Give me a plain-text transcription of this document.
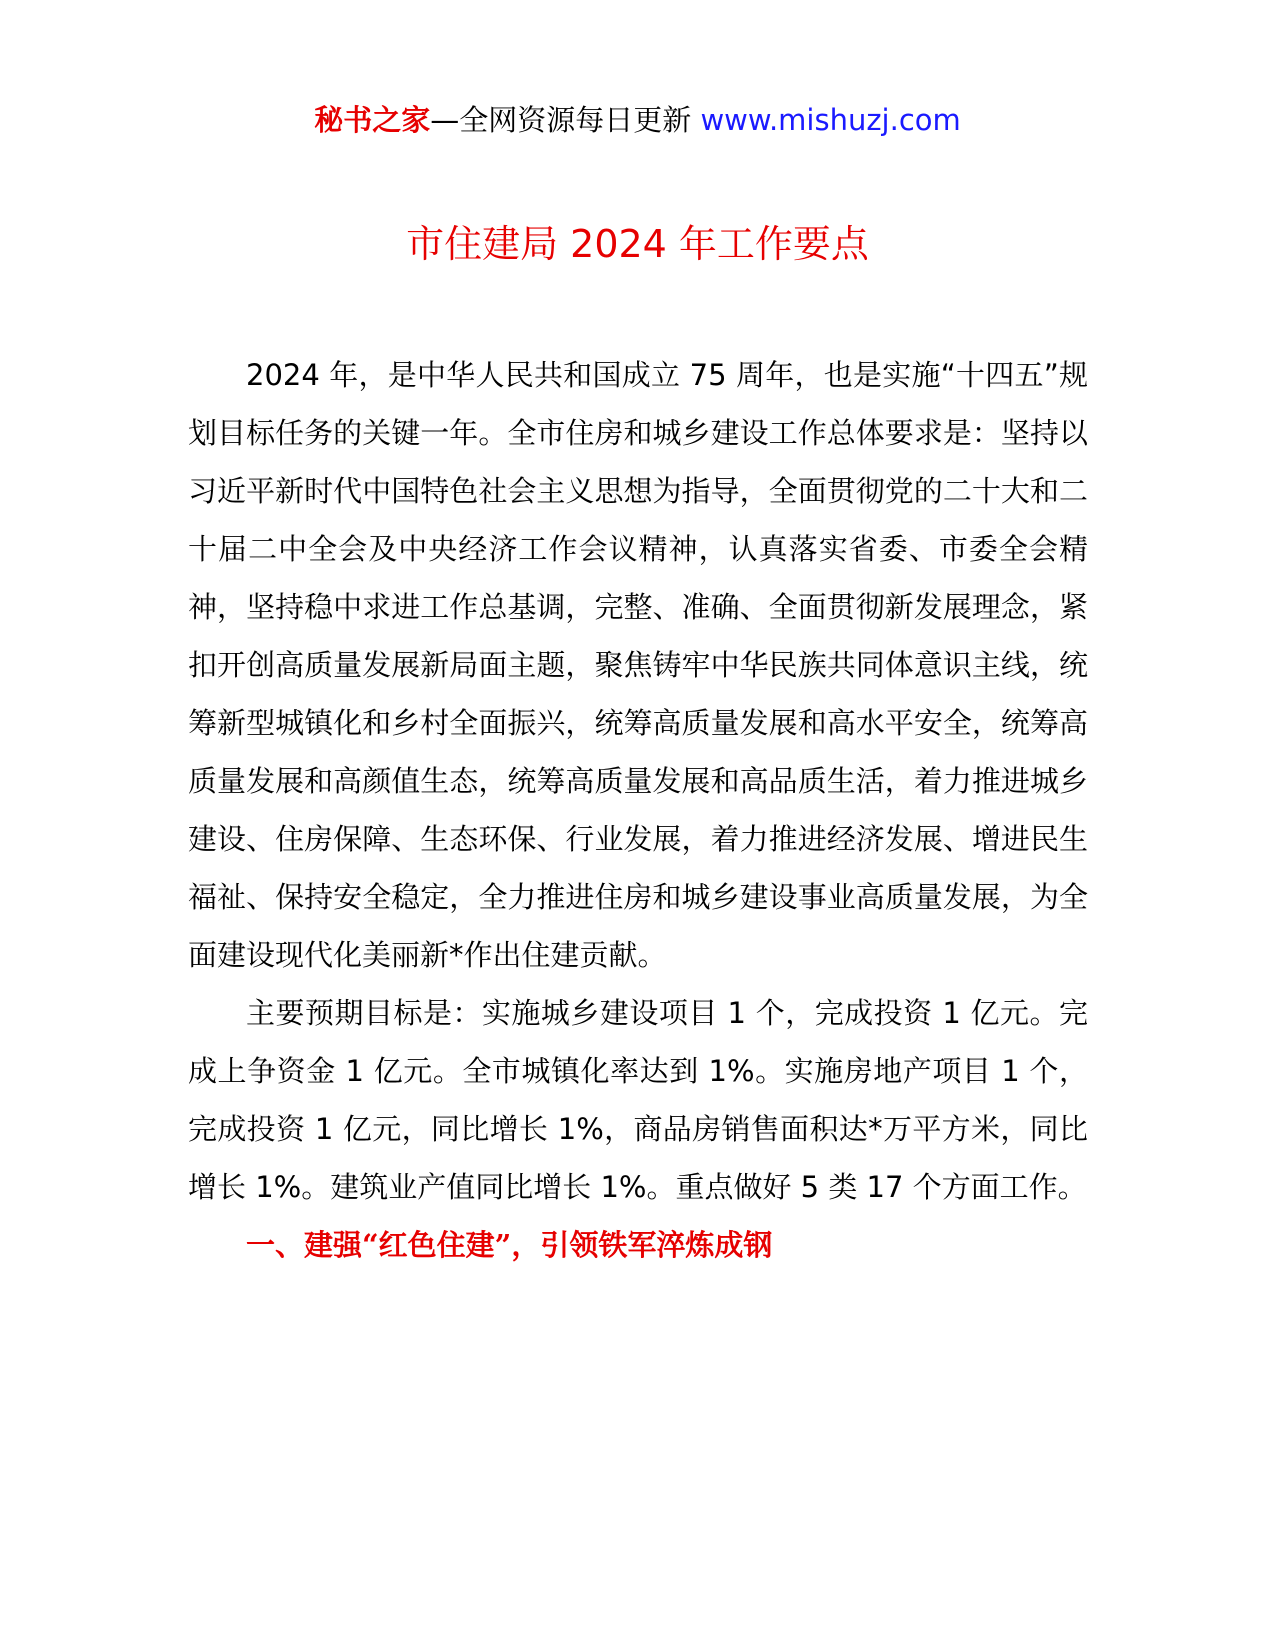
秘书之家—全网资源每日更新 www.mishuzj.com
市住建局 2024 年工作要点

2024 年，是中华人民共和国成立 75 周年，也是实施“十四五”规划目标任务的关键一年。全市住房和城乡建设工作总体要求是：坚持以习近平新时代中国特色社会主义思想为指导，全面贯彻党的二十大和二十届二中全会及中央经济工作会议精神，认真落实省委、市委全会精神，坚持稳中求进工作总基调，完整、准确、全面贯彻新发展理念，紧扣开创高质量发展新局面主题，聚焦铸牢中华民族共同体意识主线，统筹新型城镇化和乡村全面振兴，统筹高质量发展和高水平安全，统筹高质量发展和高颜值生态，统筹高质量发展和高品质生活，着力推进城乡建设、住房保障、生态环保、行业发展，着力推进经济发展、增进民生福祉、保持安全稳定，全力推进住房和城乡建设事业高质量发展，为全面建设现代化美丽新*作出住建贡献。

主要预期目标是：实施城乡建设项目 1 个，完成投资 1 亿元。完成上争资金 1 亿元。全市城镇化率达到 1%。实施房地产项目 1 个，完成投资 1 亿元，同比增长 1%，商品房销售面积达*万平方米，同比增长 1%。建筑业产值同比增长 1%。重点做好 5 类 17 个方面工作。

一、建强“红色住建”，引领铁军淬炼成钢
